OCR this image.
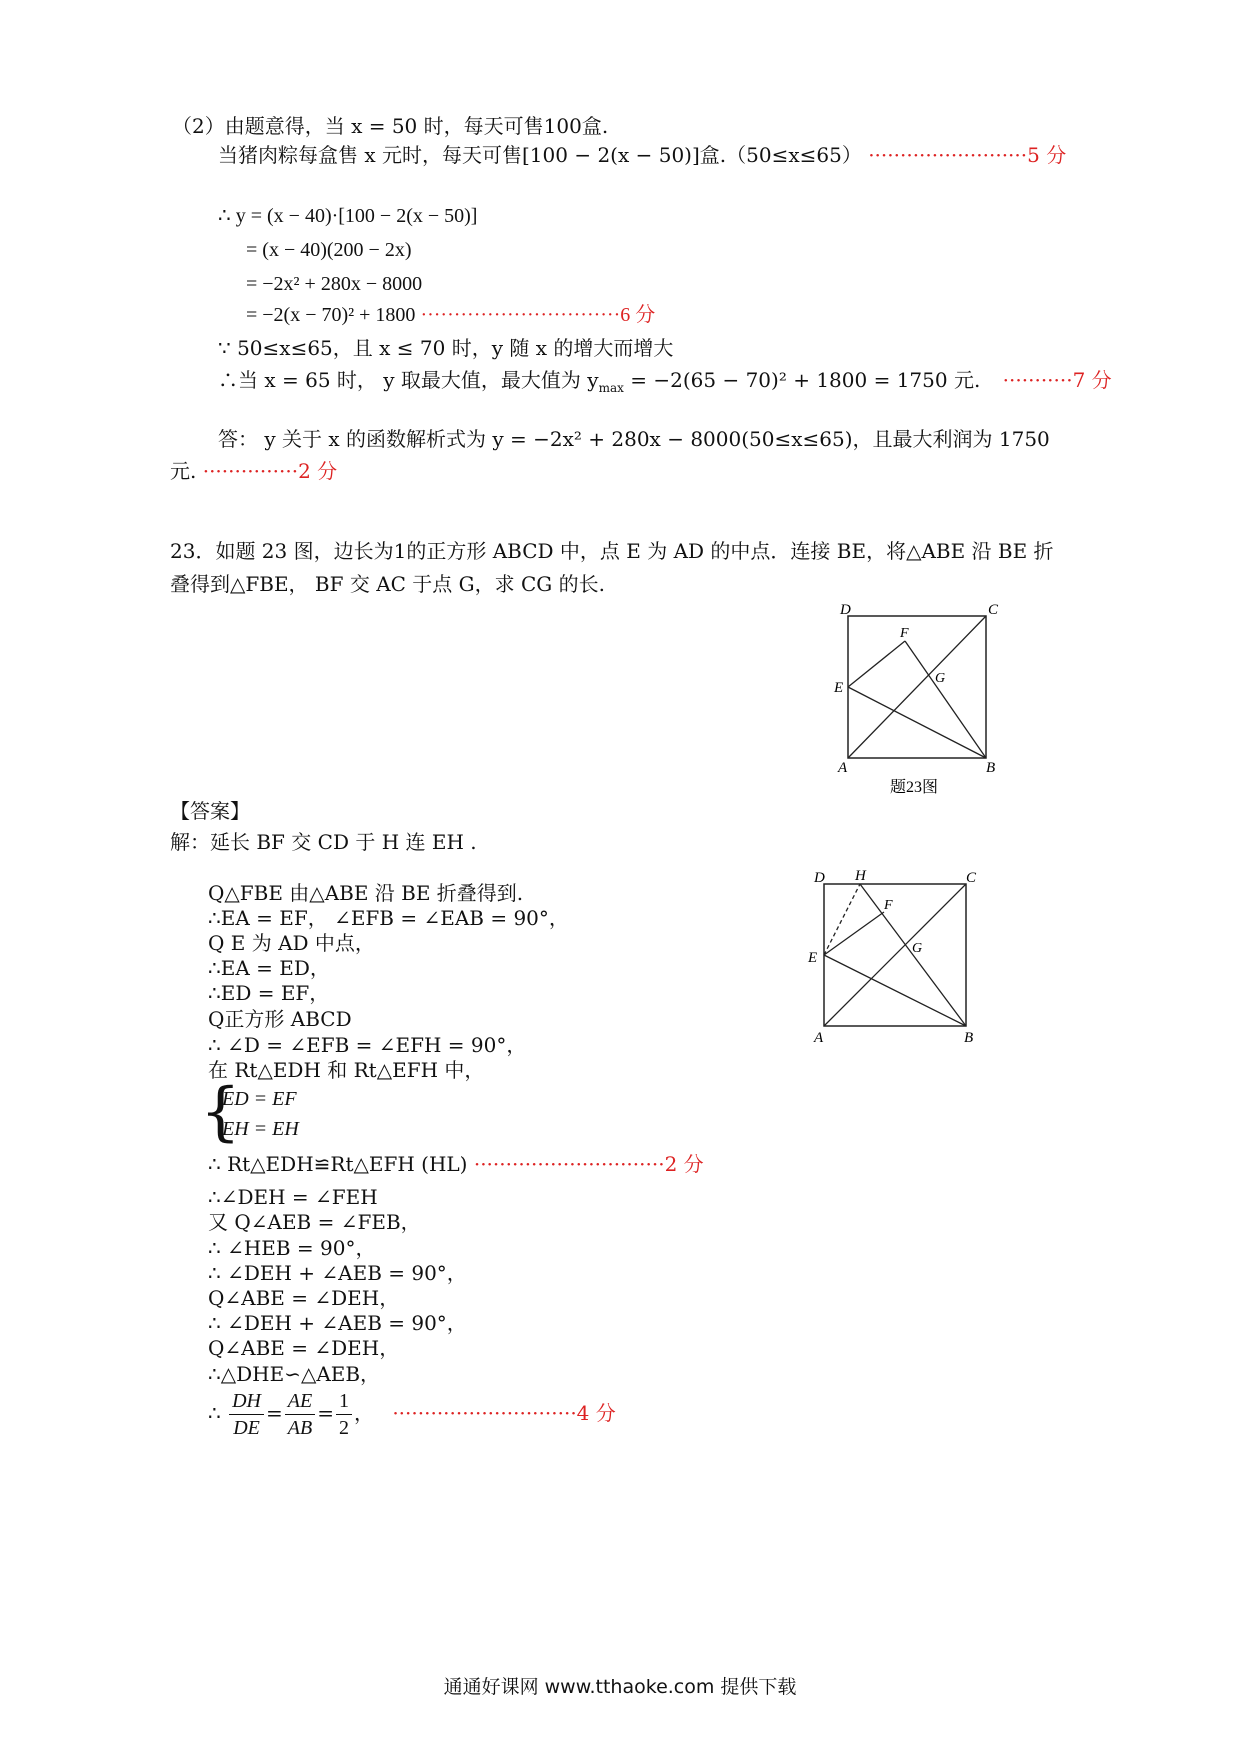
（2）由题意得，当 x = 50 时，每天可售100盒.
当猪肉粽每盒售 x 元时，每天可售[100 − 2(x − 50)]盒.（50≤x≤65） ·························5 分
∴ y = (x − 40)·[100 − 2(x − 50)]
= (x − 40)(200 − 2x)
= −2x² + 280x − 8000
= −2(x − 70)² + 1800 ······························6 分
∵ 50≤x≤65，且 x ≤ 70 时，y 随 x 的增大而增大
∴当 x = 65 时， y 取最大值，最大值为 $y_{max} = -2(65 - 70)^2 + 1800 = 1750$ 元. ···········7 分
答： y 关于 x 的函数解析式为 y = −2x² + 280x − 8000(50≤x≤65)，且最大利润为 1750
元. ···············2 分
23．如题 23 图，边长为1的正方形 ABCD 中，点 E 为 AD 的中点．连接 BE，将△ABE 沿 BE 折
叠得到△FBE， BF 交 AC 于点 G，求 CG 的长.
D	C
F
E
G
A	B
题23图
【答案】
解：延长 BF 交 CD 于 H 连 EH .
Q△FBE 由△ABE 沿 BE 折叠得到.
∴EA = EF， ∠EFB = ∠EAB = 90°，
Q E 为 AD 中点，
∴EA = ED，
∴ED = EF，
Q正方形 ABCD
∴ ∠D = ∠EFB = ∠EFH = 90°，
在 Rt△EDH 和 Rt△EFH 中，
{
ED = EF
EH = EH
∴ Rt△EDH≌Rt△EFH (HL) ······························2 分
∴∠DEH = ∠FEH
又 Q∠AEB = ∠FEB，
∴ ∠HEB = 90°，
∴ ∠DEH + ∠AEB = 90°，
Q∠ABE = ∠DEH，
∴ ∠DEH + ∠AEB = 90°，
Q∠ABE = ∠DEH，
∴△DHE∽△AEB，
∴ $\frac{DH}{DE} = \frac{AE}{AB} = \frac{1}{2}$ ， ·····························4 分
D H	C
F
E
G
A	B
通通好课网 www.tthaoke.com 提供下载
